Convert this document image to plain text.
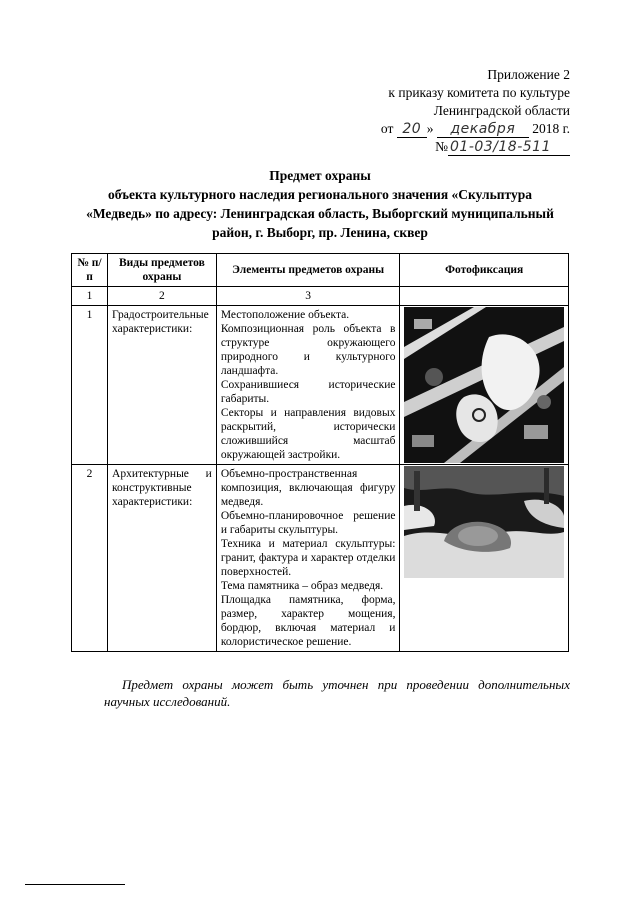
Приложение 2
к приказу комитета по культуре
Ленинградской области
от 20 » декабря 2018 г.
№ 01-03/18-511
Предмет охраны
объекта культурного наследия регионального значения «Скульптура
«Медведь» по адресу: Ленинградская область, Выборгский муниципальный
район, г. Выборг, пр. Ленина, сквер
№ п/п	Виды предметов охраны	Элементы предметов охраны	Фотофиксация
1	2	3	
1	Градостроительные характеристики:	Местоположение объекта.

Композиционная роль объекта в структуре окружающего природного и культурного ландшафта.

Сохранившиеся исторические габариты.

Секторы и направления видовых раскрытий, исторически сложившийся масштаб окружающей застройки.

2	Архитектурные и конструктивные характеристики:	Объемно-пространственная композиция, включающая фигуру медведя.

Объемно-планировочное решение и габариты скульптуры.

Техника и материал скульптуры: гранит, фактура и характер отделки поверхностей.

Тема памятника – образ медведя.

Площадка памятника, форма, размер, характер мощения, бордюр, включая материал и колористическое решение.

Предмет охраны может быть уточнен при проведении дополнительных научных исследований.
